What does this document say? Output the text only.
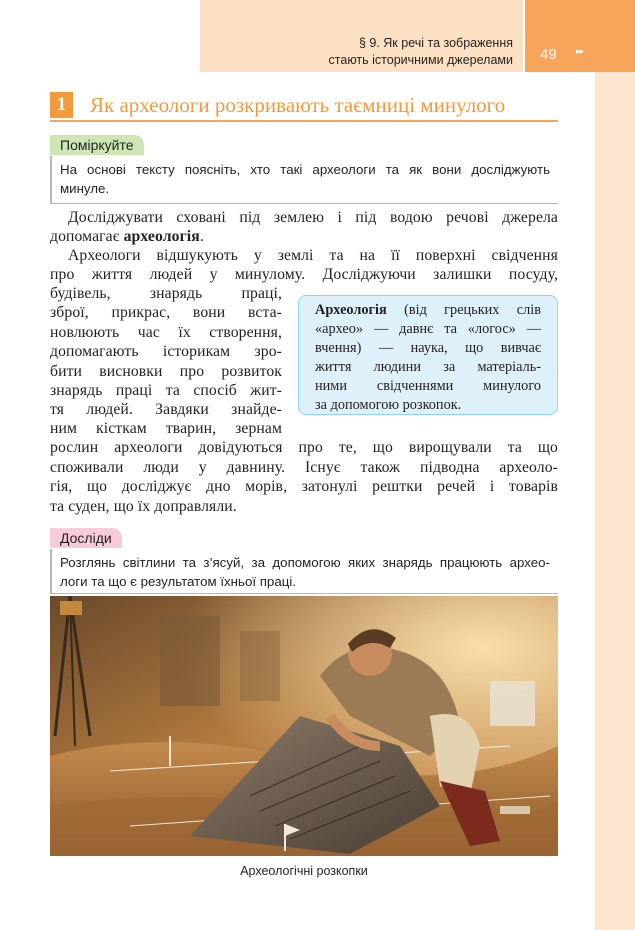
§ 9. Як речі та зображення
стають історичними джерелами 49 ▸▸
1	Як археологи розкривають таємниці минулого
Поміркуйте
На основі тексту поясніть, хто такі археологи та як вони досліджують
минуле.
Досліджувати сховані під землею і під водою речові джерела
допомагає археологія.
Археологи відшукують у землі та на її поверхні свідчення
про життя людей у минулому. Досліджуючи залишки посуду,
будівель, знарядь праці,
зброї, прикрас, вони вста-
новлюють час їх створення,
допомагають історикам зро-
бити висновки про розвиток
знарядь праці та спосіб жит-
тя людей. Завдяки знайде-
Археологія (від грецьких слів
«архео» — давнє та «логос» —
вчення) — наука, що вивчає
життя людини за матеріаль-
ними свідченнями минулого
за допомогою розкопок.
ним кісткам тварин, зернам
рослин археологи довідуються про те, що вирощували та що
споживали люди у давнину. Існує також підводна археоло-
гія, що досліджує дно морів, затонулі рештки речей і товарів
та суден, що їх доправляли.
Досліди
Розглянь світлини та з’ясуй, за допомогою яких знарядь працюють архео-
логи та що є результатом їхньої праці.
Археологічні розкопки
